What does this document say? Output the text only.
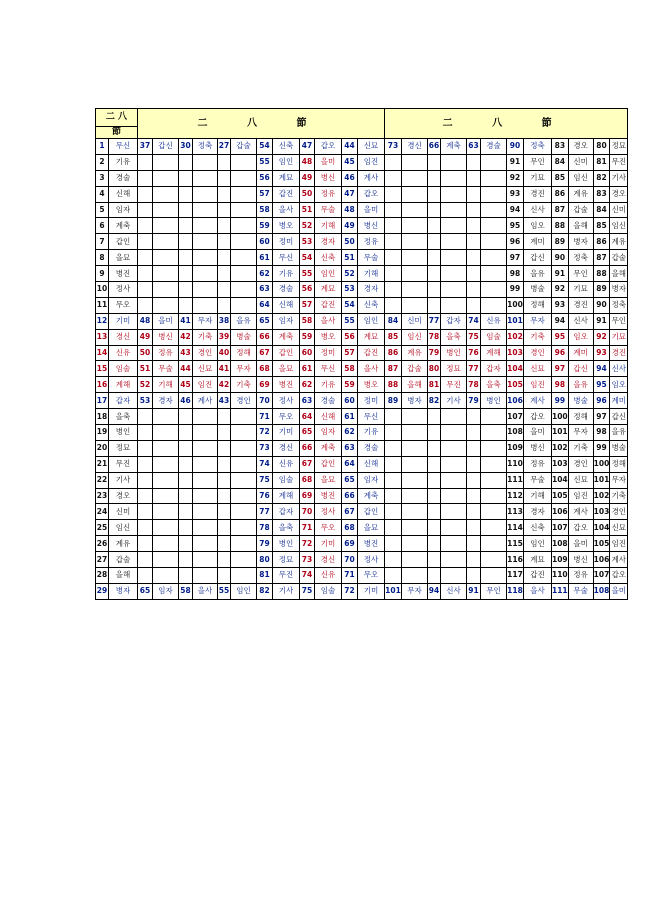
二 八		二 八 節												二 八 節											
節																									
1	무신	37	갑신	30	정축	27	갑술	54	신축	47	갑오	44	신묘	73	경신	66	계축	63	경술	90	정축	83	경오	80	정묘
2	기유							55	임인	48	을미	45	임진							91	무인	84	신미	81	무진
3	경술							56	계묘	49	병신	46	계사							92	기묘	85	임신	82	기사
4	신해							57	갑진	50	정유	47	갑오							93	경진	86	계유	83	경오
5	임자							58	을사	51	무술	48	을미							94	신사	87	갑술	84	신미
6	계축							59	병오	52	기해	49	병신							95	임오	88	을해	85	임신
7	갑인							60	정미	53	경자	50	정유							96	계미	89	병자	86	계유
8	을묘							61	무신	54	신축	51	무술							97	갑신	90	정축	87	갑술
9	병진							62	기유	55	임인	52	기해							98	을유	91	무인	88	을해
10	정사							63	경술	56	계묘	53	경자							99	병술	92	기묘	89	병자
11	무오							64	신해	57	갑진	54	신축							100	정해	93	경진	90	정축
12	기미	48	을미	41	무자	38	을유	65	임자	58	을사	55	임인	84	신미	77	갑자	74	신유	101	무자	94	신사	91	무인
13	경신	49	병신	42	기축	39	병술	66	계축	59	병오	56	계묘	85	임신	78	을축	75	임술	102	기축	95	임오	92	기묘
14	신유	50	정유	43	경인	40	정해	67	갑인	60	정미	57	갑진	86	계유	79	병인	76	계해	103	경인	96	계미	93	경진
15	임술	51	무술	44	신묘	41	무자	68	을묘	61	무신	58	을사	87	갑술	80	정묘	77	갑자	104	신묘	97	갑신	94	신사
16	계해	52	기해	45	임진	42	기축	69	병진	62	기유	59	병오	88	을해	81	무진	78	을축	105	임진	98	을유	95	임오
17	갑자	53	경자	46	계사	43	경인	70	정사	63	경술	60	정미	89	병자	82	기사	79	병인	106	계사	99	병술	96	계미
18	을축							71	무오	64	신해	61	무신							107	갑오	100	정해	97	갑신
19	병인							72	기미	65	임자	62	기유							108	을미	101	무자	98	을유
20	정묘							73	경신	66	계축	63	경술							109	병신	102	기축	99	병술
21	무진							74	신유	67	갑인	64	신해							110	정유	103	경인	100	정해
22	기사							75	임술	68	을묘	65	임자							111	무술	104	신묘	101	무자
23	경오							76	계해	69	병진	66	계축							112	기해	105	임진	102	기축
24	신미							77	갑자	70	정사	67	갑인							113	경자	106	계사	103	경인
25	임신							78	을축	71	무오	68	을묘							114	신축	107	갑오	104	신묘
26	계유							79	병인	72	기미	69	병진							115	임인	108	을미	105	임진
27	갑술							80	정묘	73	경신	70	정사							116	계묘	109	병신	106	계사
28	을해							81	무진	74	신유	71	무오							117	갑진	110	정유	107	갑오
29	병자	65	임자	58	을사	55	임인	82	기사	75	임술	72	기미	101	무자	94	신사	91	무인	118	을사	111	무술	108	을미
